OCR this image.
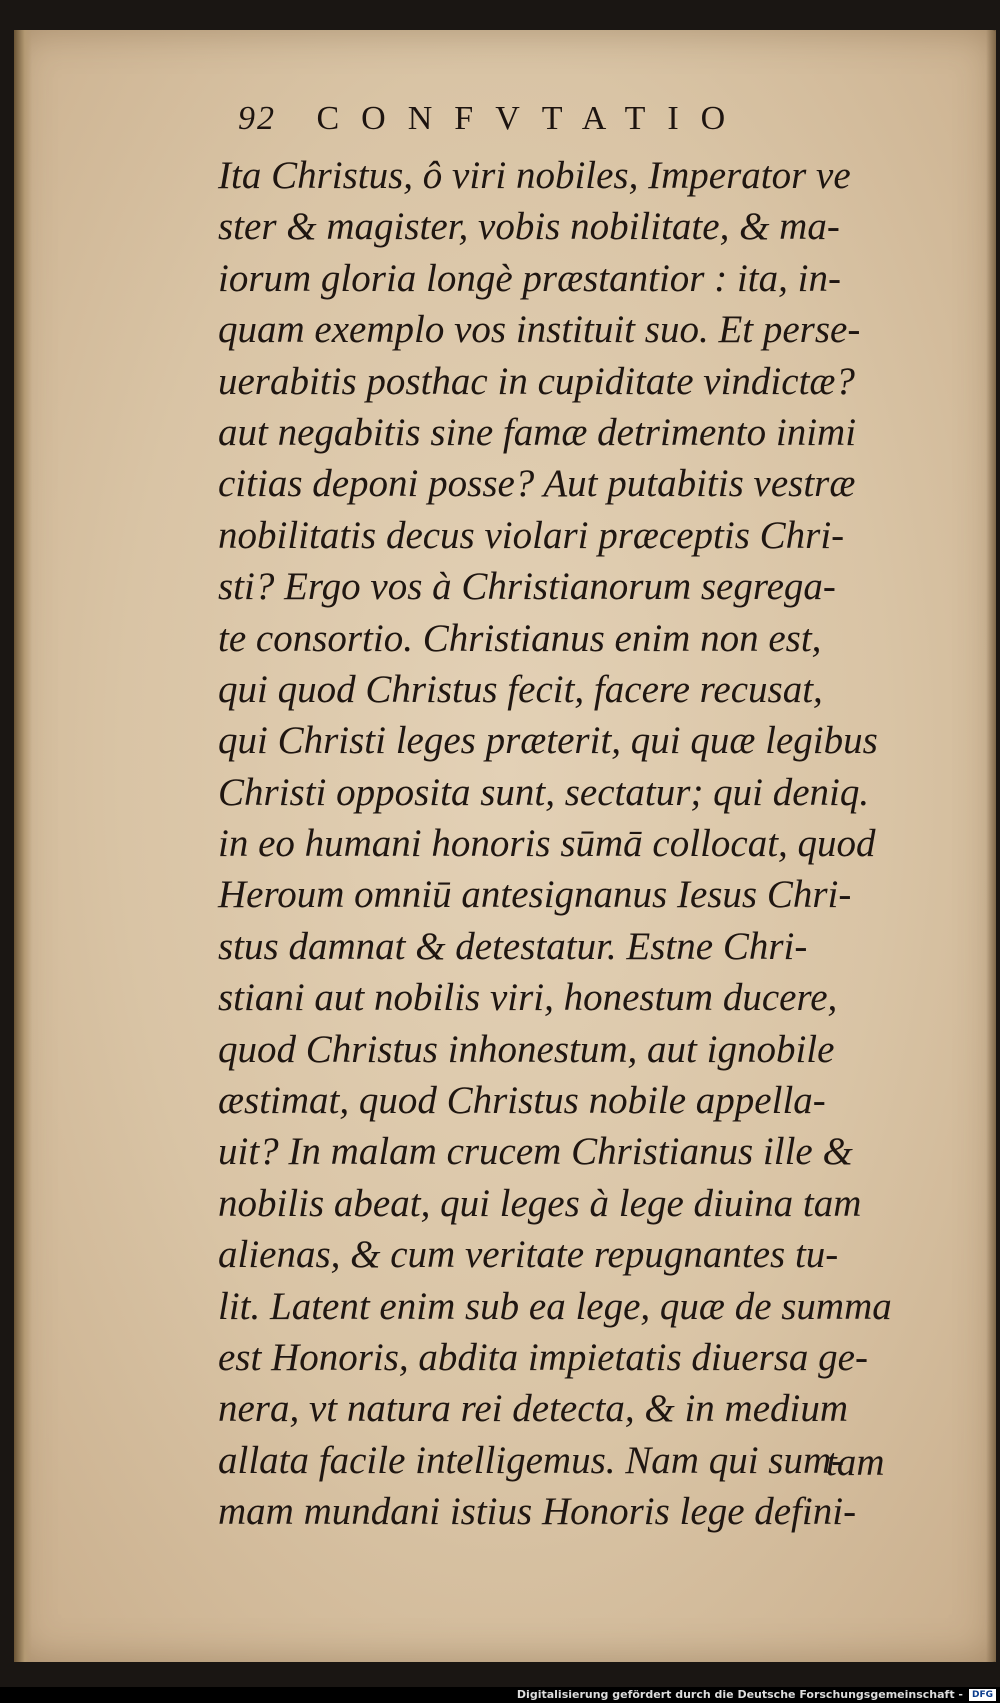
92 CONFVTATIO
Ita Christus, ô viri nobiles, Imperator ve
ster & magister, vobis nobilitate, & ma-
iorum gloria longè præstantior : ita, in-
quam exemplo vos instituit suo. Et perse-
uerabitis posthac in cupiditate vindictæ?
aut negabitis sine famæ detrimento inimi
citias deponi posse? Aut putabitis vestræ
nobilitatis decus violari præceptis Chri-
sti? Ergo vos à Christianorum segrega-
te consortio. Christianus enim non est,
qui quod Christus fecit, facere recusat,
qui Christi leges præterit, qui quæ legibus
Christi opposita sunt, sectatur; qui deniq.
in eo humani honoris sūmā collocat, quod
Heroum omniū antesignanus Iesus Chri-
stus damnat & detestatur. Estne Chri-
stiani aut nobilis viri, honestum ducere,
quod Christus inhonestum, aut ignobile
æstimat, quod Christus nobile appella-
uit? In malam crucem Christianus ille &
nobilis abeat, qui leges à lege diuina tam
alienas, & cum veritate repugnantes tu-
lit. Latent enim sub ea lege, quæ de summa
est Honoris, abdita impietatis diuersa ge-
nera, vt natura rei detecta, & in medium
allata facile intelligemus. Nam qui sum-
mam mundani istius Honoris lege defini-
tam
Digitalisierung gefördert durch die Deutsche Forschungsgemeinschaft - DFG
